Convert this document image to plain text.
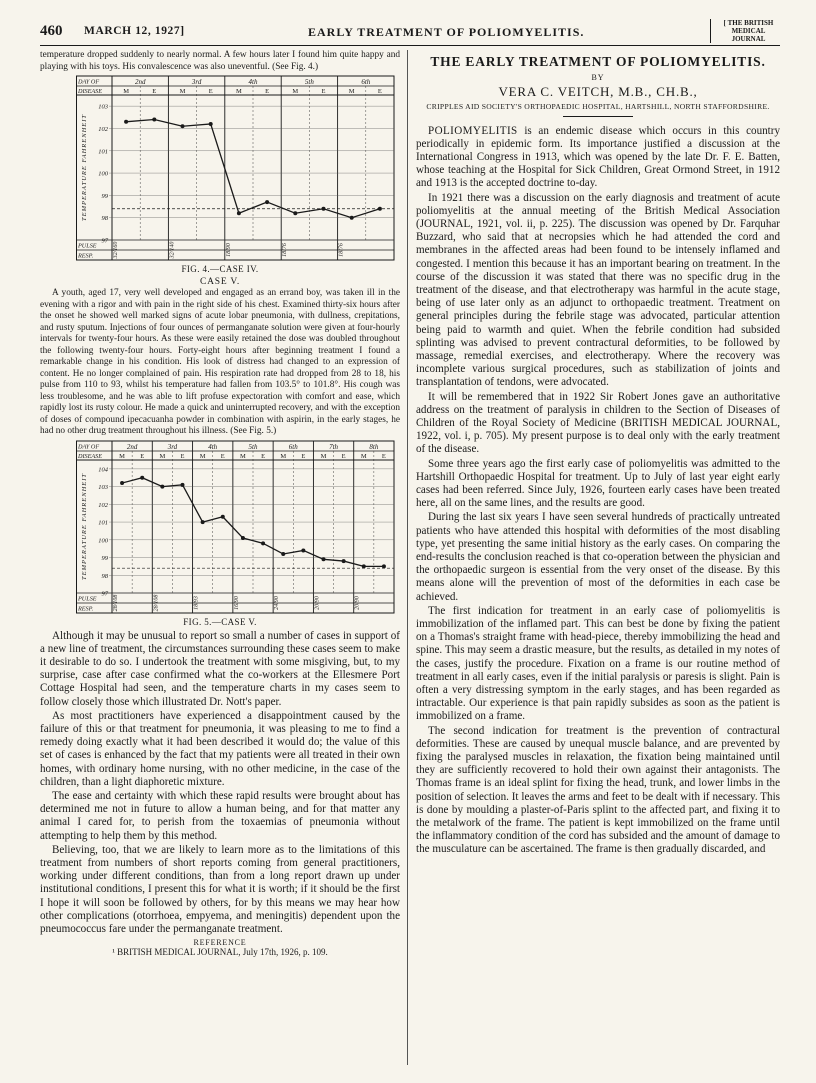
460 MARCH 12, 1927]	EARLY TREATMENT OF POLIOMYELITIS.
[ THE BRITISH MEDICAL JOURNAL

temperature dropped suddenly to nearly normal. A few hours later I found him quite happy and playing with his toys. His convalescence was also uneventful. (See Fig. 4.)

DAY OF
DISEASE
2nd	3rd	4th	5th	6th
M	E	M	E	M	E	M	E	M	E
103
102
101
100
99
98
97
TEMPERATURE FAHRENHEIT
PULSE
RESP.	32/160	32/140	18/90	18/76	18/76
FIG. 4.—CASE IV.
CASE V.

A youth, aged 17, very well developed and engaged as an errand boy, was taken ill in the evening with a rigor and with pain in the right side of his chest. Examined thirty-six hours after the onset he showed well marked signs of acute lobar pneumonia, with dullness, crepitations, and rusty sputum. Injections of four ounces of permanganate solution were given at four-hourly intervals for twenty-four hours. As these were easily retained the dose was doubled throughout the following twenty-four hours. Forty-eight hours after beginning treatment I found a remarkable change in his condition. His look of distress had changed to an expression of content. He no longer complained of pain. His respiration rate had dropped from 28 to 18, his pulse from 110 to 93, whilst his temperature had fallen from 103.5° to 101.8°. His cough was less troublesome, and he was able to lift profuse expectoration with comfort and ease, which rapidly lost its rusty colour. He made a quick and uninterrupted recovery, and with the exception of doses of compound ipecacuanha powder in combination with aspirin, in the early stages, he had no other drug treatment throughout his illness. (See Fig. 5.)

DAY OF
DISEASE
2nd	3rd	4th	5th	6th	7th	8th
M E M E M E M E M E M E M E
104
103
102
101
100
99
98
97
TEMPERATURE FAHRENHEIT
PULSE
RESP.	28/108	28/108	18/93	16/90	24/90	20/90	20/90
FIG. 5.—CASE V.

Although it may be unusual to report so small a number of cases in support of a new line of treatment, the circumstances surrounding these cases seem to make it desirable to do so. I undertook the treatment with some misgiving, but, to my surprise, case after case confirmed what the co-workers at the Ellesmere Port Cottage Hospital had seen, and the temperature charts in my cases seem to follow closely those which illustrated Dr. Nott's paper.

As most practitioners have experienced a disappointment caused by the failure of this or that treatment for pneumonia, it was pleasing to me to find a remedy doing exactly what it had been described it would do; the value of this set of cases is enhanced by the fact that my patients were all treated in their own homes, with ordinary home nursing, with no other medicine, in the case of the children, than a light diaphoretic mixture.

The ease and certainty with which these rapid results were brought about has determined me not in future to allow a human being, and for that matter any animal I cared for, to perish from the toxaemias of pneumonia without attempting to help them by this method.

Believing, too, that we are likely to learn more as to the limitations of this treatment from numbers of short reports coming from general practitioners, working under different conditions, than from a long report drawn up under institutional conditions, I present this for what it is worth; if it should be the first I hope it will soon be followed by others, for by this means we may hear how other complications (otorrhoea, empyema, and meningitis) dependent upon the pneumococcus fare under the permanganate treatment.

REFERENCE
¹ BRITISH MEDICAL JOURNAL, July 17th, 1926, p. 109.
THE EARLY TREATMENT OF POLIOMYELITIS.
BY
VERA C. VEITCH, M.B., CH.B.,
CRIPPLES AID SOCIETY'S ORTHOPAEDIC HOSPITAL, HARTSHILL, NORTH STAFFORDSHIRE.

POLIOMYELITIS is an endemic disease which occurs in this country periodically in epidemic form. Its importance justified a discussion at the International Congress in 1913, which was opened by the late Dr. F. E. Batten, whose teaching at the Hospital for Sick Children, Great Ormond Street, in 1912 and 1913 is the accepted doctrine to-day.

In 1921 there was a discussion on the early diagnosis and treatment of acute poliomyelitis at the annual meeting of the British Medical Association (JOURNAL, 1921, vol. ii, p. 225). The discussion was opened by Dr. Farquhar Buzzard, who said that at necropsies which he had attended the cord and membranes in the affected areas had been found to be intensely inflamed and congested. I mention this because it has an important bearing on treatment. In the course of the discussion it was stated that there was no specific drug in the treatment of the disease, and that electrotherapy was harmful in the acute stage, being of use later only as an adjunct to orthopaedic treatment. Treatment on general principles during the febrile stage was advocated, particular attention being paid to warmth and quiet. When the febrile condition had subsided splinting was advised to prevent contractural deformities, to be followed by massage, remedial exercises, and electrotherapy. Where the recovery was incomplete various surgical procedures, such as stabilization of joints and transplantation of tendons, were advocated.

It will be remembered that in 1922 Sir Robert Jones gave an authoritative address on the treatment of paralysis in children to the Section of Diseases of Children of the Royal Society of Medicine (BRITISH MEDICAL JOURNAL, 1922, vol. i, p. 705). My present purpose is to deal only with the early treatment of the disease.

Some three years ago the first early case of poliomyelitis was admitted to the Hartshill Orthopaedic Hospital for treatment. Up to July of last year eight early cases had been referred. Since July, 1926, fourteen early cases have been treated here, all on the same lines, and the results are good.

During the last six years I have seen several hundreds of practically untreated patients who have attended this hospital with deformities of the most disabling type, yet presenting the same initial history as the early cases. On comparing the end-results the conclusion reached is that co-operation between the physician and the orthopaedic surgeon is essential from the very onset of the disease. By this means alone will the prevention of most of the deformities in each case be achieved.

The first indication for treatment in an early case of poliomyelitis is immobilization of the inflamed part. This can best be done by fixing the patient on a Thomas's straight frame with head-piece, thereby immobilizing the head and spine. This may seem a drastic measure, but the results, as detailed in my notes of the cases, justify the procedure. Fixation on a frame is our routine method of treatment in all early cases, even if the initial paralysis or paresis is slight. Pain is often a very distressing symptom in the early stages, and has been regarded as intractable. Our experience is that pain rapidly subsides as soon as the patient is immobilized on a frame.

The second indication for treatment is the prevention of contractural deformities. These are caused by unequal muscle balance, and are prevented by fixing the paralysed muscles in relaxation, the fixation being maintained until they are sufficiently recovered to hold their own against their antagonists. The Thomas frame is an ideal splint for fixing the head, trunk, and lower limbs in the position of selection. It leaves the arms and feet to be dealt with if necessary. This is done by moulding a plaster-of-Paris splint to the affected part, and fixing it to the metalwork of the frame. The patient is kept immobilized on the frame until the inflammatory condition of the cord has subsided and the amount of damage to the musculature can be ascertained. The frame is then gradually discarded, and
